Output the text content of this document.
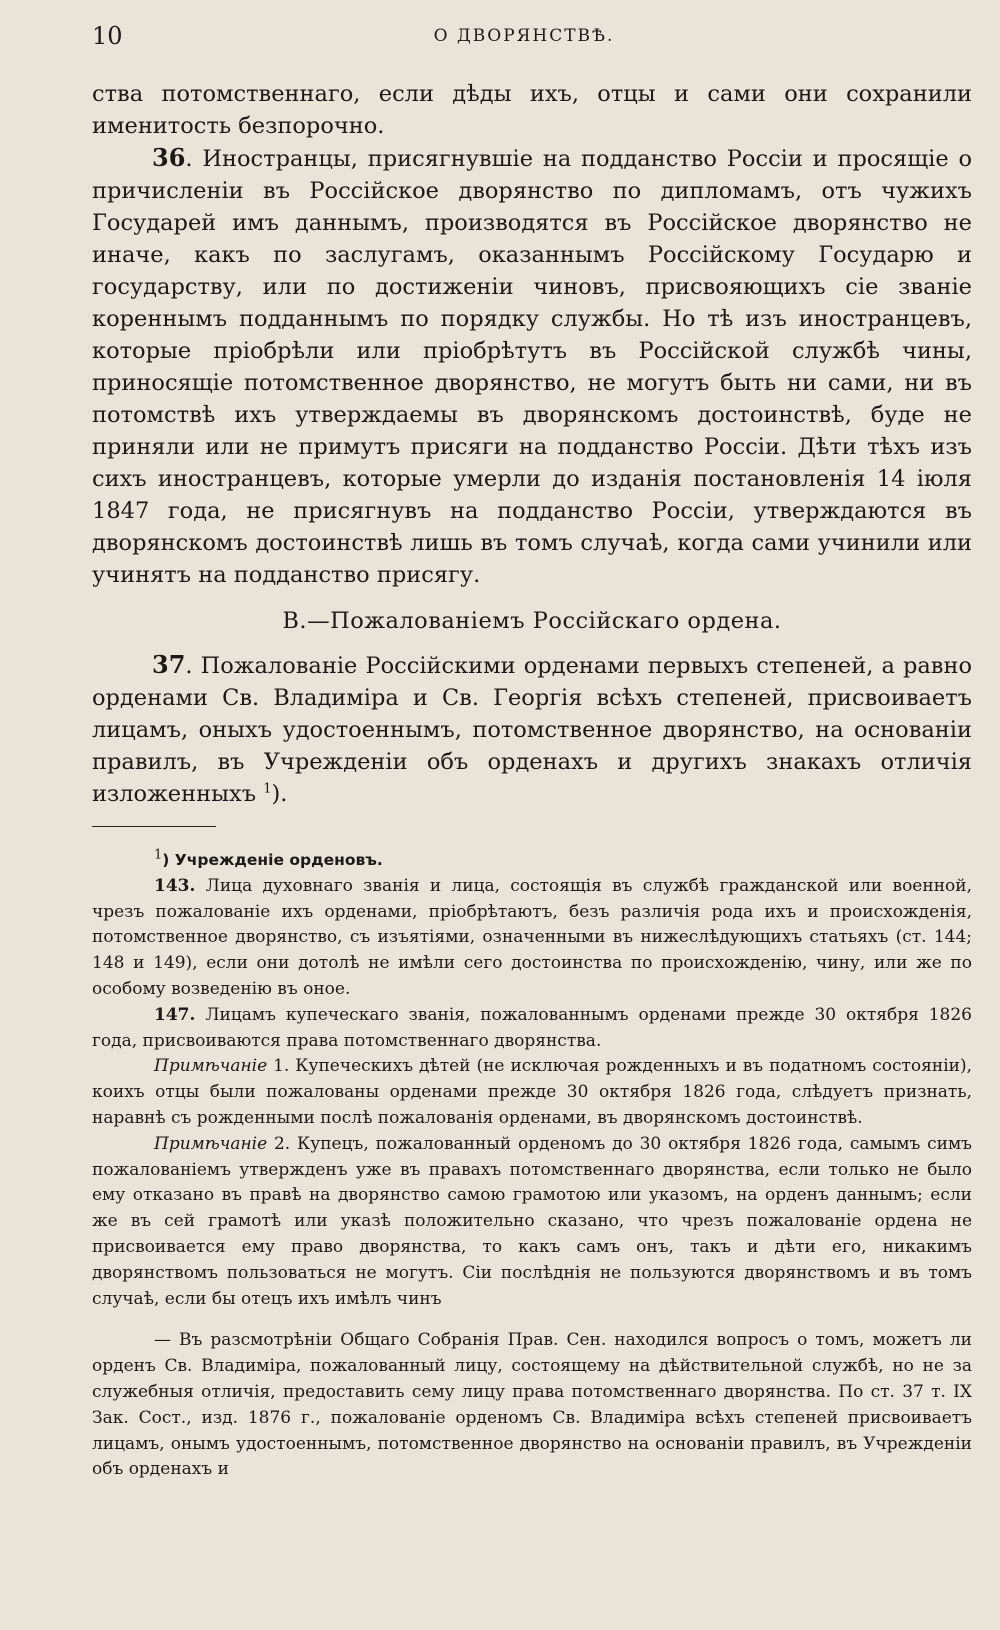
10	О ДВОРЯНСТВѢ.

ства потомственнаго, если дѣды ихъ, отцы и сами они сохранили именитость безпорочно.

36. Иностранцы, присягнувшіе на подданство Россіи и просящіе о причисленіи въ Россійское дворянство по дипломамъ, отъ чужихъ Государей имъ даннымъ, производятся въ Россійское дворянство не иначе, какъ по заслугамъ, оказаннымъ Россійскому Государю и государству, или по достиженіи чиновъ, присвояющихъ сіе званіе кореннымъ подданнымъ по порядку службы. Но тѣ изъ иностранцевъ, которые пріобрѣли или пріобрѣтутъ въ Россійской службѣ чины, приносящіе потомственное дворянство, не могутъ быть ни сами, ни въ потомствѣ ихъ утверждаемы въ дворянскомъ достоинствѣ, буде не приняли или не примутъ присяги на подданство Россіи. Дѣти тѣхъ изъ сихъ иностранцевъ, которые умерли до изданія постановленія 14 іюля 1847 года, не присягнувъ на подданство Россіи, утверждаются въ дворянскомъ достоинствѣ лишь въ томъ случаѣ, когда сами учинили или учинятъ на подданство присягу.

В.—Пожалованіемъ Россійскаго ордена.

37. Пожалованіе Россійскими орденами первыхъ степеней, а равно орденами Св. Владиміра и Св. Георгія всѣхъ степеней, присвоиваетъ лицамъ, оныхъ удостоеннымъ, потомственное дворянство, на основаніи правилъ, въ Учрежденіи объ орденахъ и другихъ знакахъ отличія изложенныхъ $^1$).

$^1$) Учрежденіе орденовъ.

143. Лица духовнаго званія и лица, состоящія въ службѣ гражданской или военной, чрезъ пожалованіе ихъ орденами, пріобрѣтаютъ, безъ различія рода ихъ и происхожденія, потомственное дворянство, съ изъятіями, означенными въ нижеслѣдующихъ статьяхъ (ст. 144; 148 и 149), если они дотолѣ не имѣли сего достоинства по происхожденію, чину, или же по особому возведенію въ оное.

147. Лицамъ купеческаго званія, пожалованнымъ орденами прежде 30 октября 1826 года, присвоиваются права потомственнаго дворянства.

Примѣчаніе 1. Купеческихъ дѣтей (не исключая рожденныхъ и въ податномъ состояніи), коихъ отцы были пожалованы орденами прежде 30 октября 1826 года, слѣдуетъ признать, наравнѣ съ рожденными послѣ пожалованія орденами, въ дворянскомъ достоинствѣ.

Примѣчаніе 2. Купецъ, пожалованный орденомъ до 30 октября 1826 года, самымъ симъ пожалованіемъ утвержденъ уже въ правахъ потомственнаго дворянства, если только не было ему отказано въ правѣ на дворянство самою грамотою или указомъ, на орденъ даннымъ; если же въ сей грамотѣ или указѣ положительно сказано, что чрезъ пожалованіе ордена не присвоивается ему право дворянства, то какъ самъ онъ, такъ и дѣти его, никакимъ дворянствомъ пользоваться не могутъ. Сіи послѣднія не пользуются дворянствомъ и въ томъ случаѣ, если бы отецъ ихъ имѣлъ чинъ

— Въ разсмотрѣніи Общаго Собранія Прав. Сен. находился вопросъ о томъ, можетъ ли орденъ Св. Владиміра, пожалованный лицу, состоящему на дѣйствительной службѣ, но не за служебныя отличія, предоставить сему лицу права потомственнаго дворянства. По ст. 37 т. IX Зак. Сост., изд. 1876 г., пожалованіе орденомъ Св. Владиміра всѣхъ степеней присвоиваетъ лицамъ, онымъ удостоеннымъ, потомственное дворянство на основаніи правилъ, въ Учрежденіи объ орденахъ и
